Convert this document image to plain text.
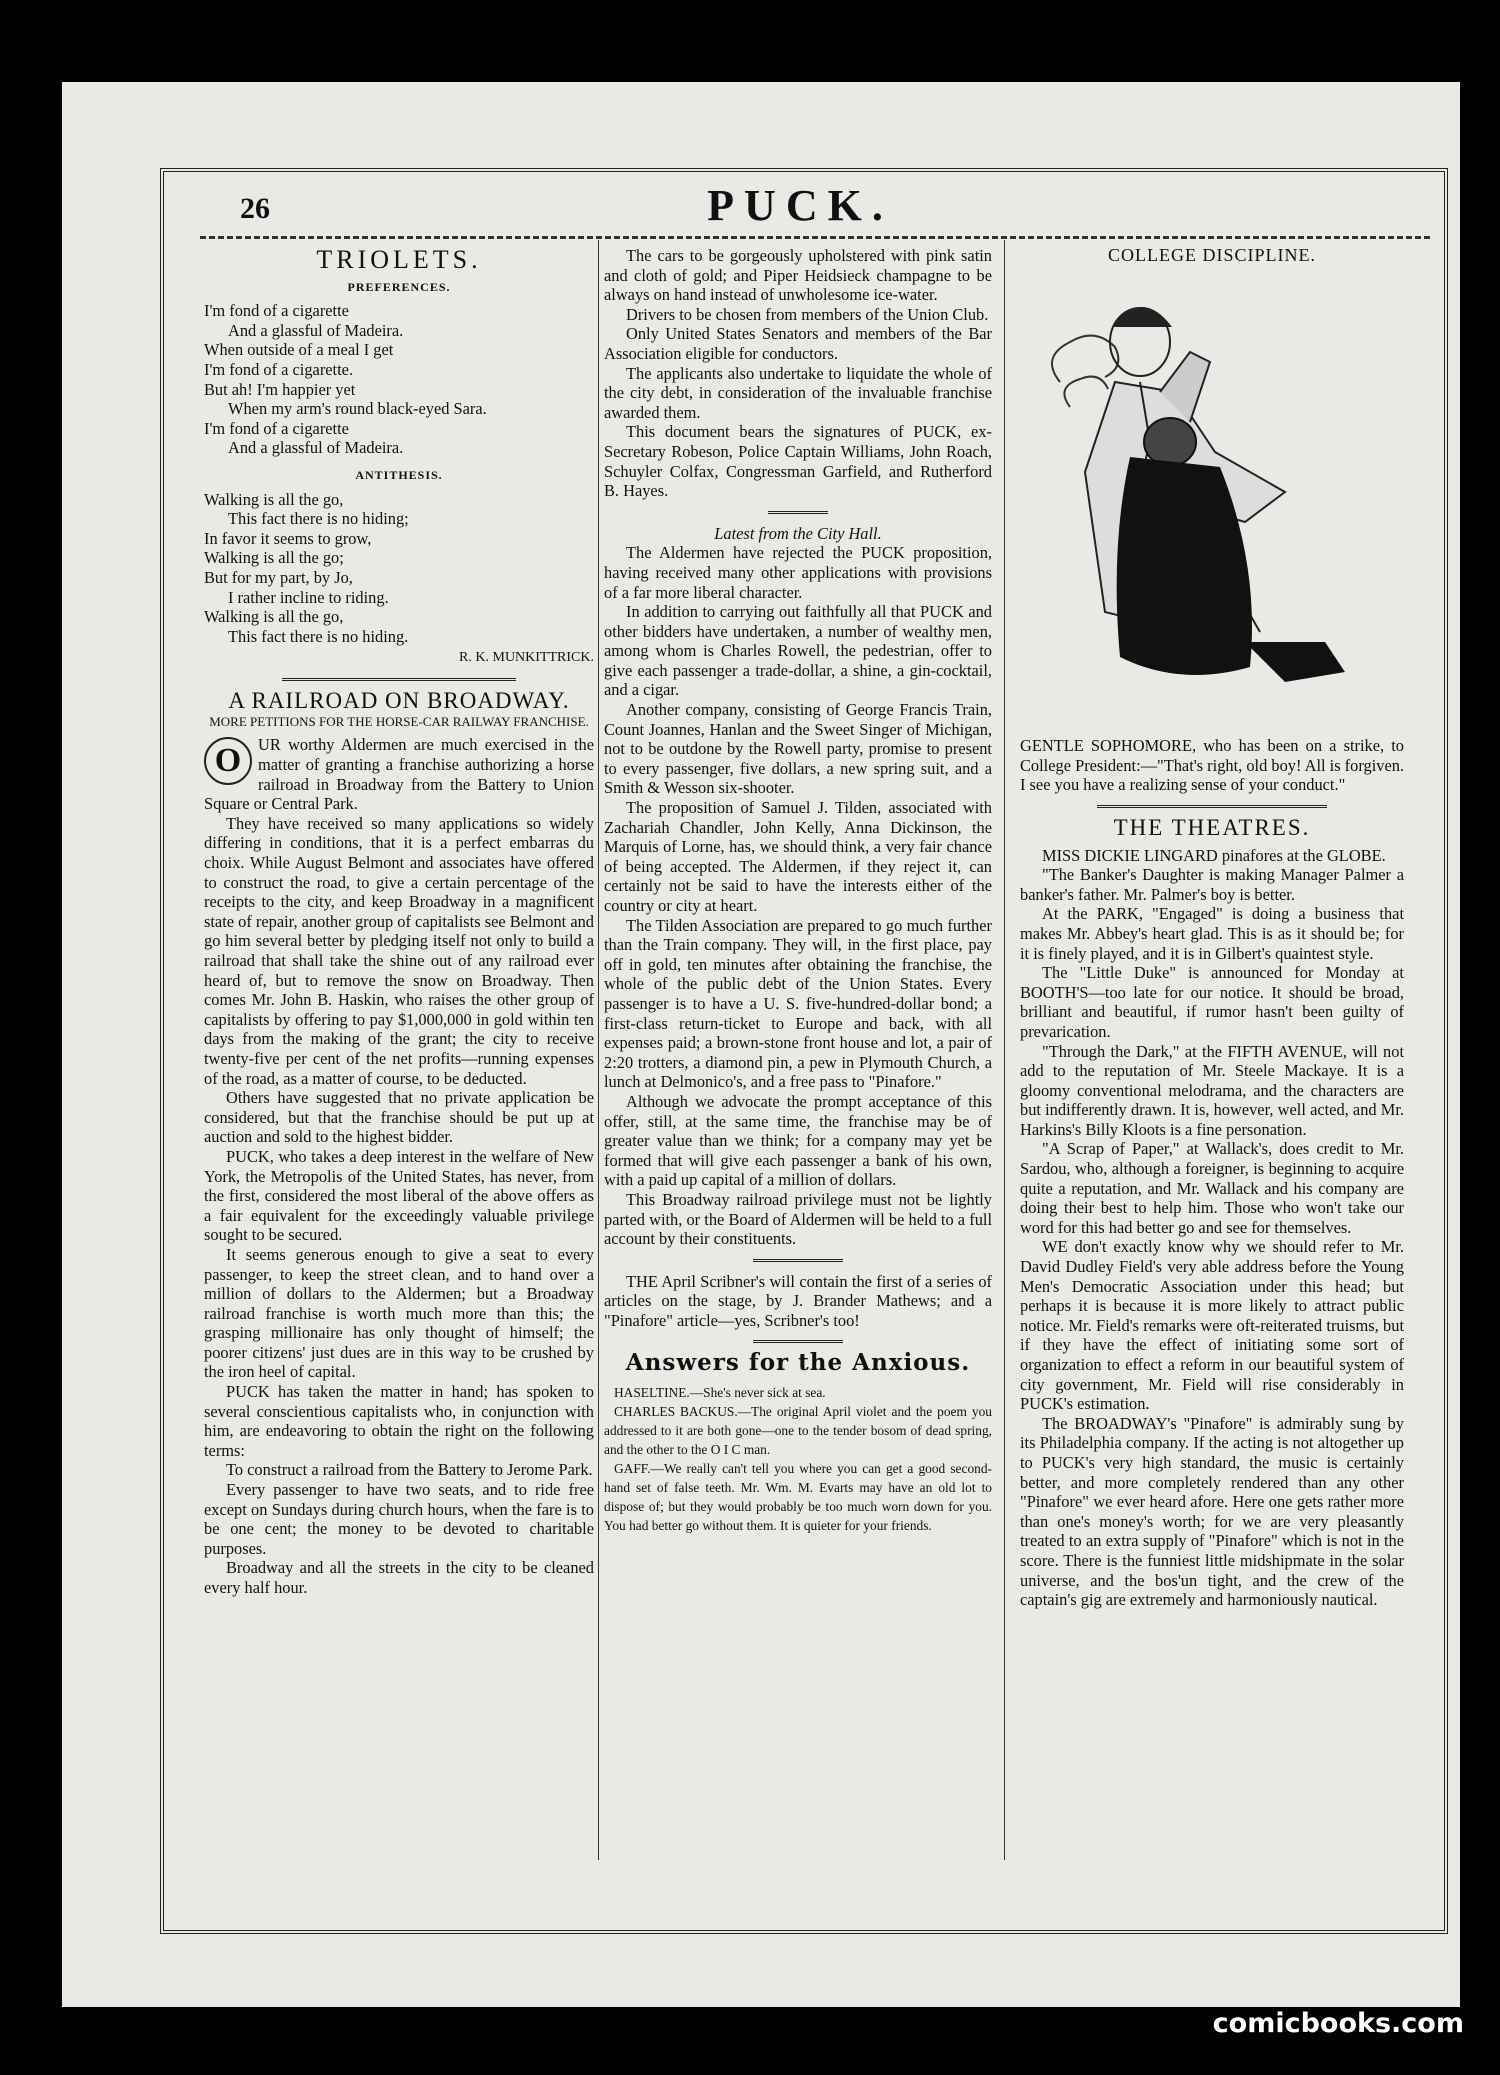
26	PUCK.
TRIOLETS.
PREFERENCES.
I'm fond of a cigarette
And a glassful of Madeira.
When outside of a meal I get
I'm fond of a cigarette.
But ah! I'm happier yet
When my arm's round black-eyed Sara.
I'm fond of a cigarette
And a glassful of Madeira.
ANTITHESIS.
Walking is all the go,
This fact there is no hiding;
In favor it seems to grow,
Walking is all the go;
But for my part, by Jo,
I rather incline to riding.
Walking is all the go,
This fact there is no hiding.
R. K. MUNKITTRICK.
A RAILROAD ON BROADWAY.
MORE PETITIONS FOR THE HORSE-CAR RAILWAY FRANCHISE.
O	UR worthy Aldermen are much exercised in the matter of granting a franchise authorizing a horse railroad in Broadway from the Battery to Union Square or Central Park.

They have received so many applications so widely differing in conditions, that it is a perfect embarras du choix. While August Belmont and associates have offered to construct the road, to give a certain percentage of the receipts to the city, and keep Broadway in a magnificent state of repair, another group of capitalists see Belmont and go him several better by pledging itself not only to build a railroad that shall take the shine out of any railroad ever heard of, but to remove the snow on Broadway. Then comes Mr. John B. Haskin, who raises the other group of capitalists by offering to pay $1,000,000 in gold within ten days from the making of the grant; the city to receive twenty-five per cent of the net profits—running expenses of the road, as a matter of course, to be deducted.

Others have suggested that no private application be considered, but that the franchise should be put up at auction and sold to the highest bidder.

PUCK, who takes a deep interest in the welfare of New York, the Metropolis of the United States, has never, from the first, considered the most liberal of the above offers as a fair equivalent for the exceedingly valuable privilege sought to be secured.

It seems generous enough to give a seat to every passenger, to keep the street clean, and to hand over a million of dollars to the Aldermen; but a Broadway railroad franchise is worth much more than this; the grasping millionaire has only thought of himself; the poorer citizens' just dues are in this way to be crushed by the iron heel of capital.

PUCK has taken the matter in hand; has spoken to several conscientious capitalists who, in conjunction with him, are endeavoring to obtain the right on the following terms:

To construct a railroad from the Battery to Jerome Park.

Every passenger to have two seats, and to ride free except on Sundays during church hours, when the fare is to be one cent; the money to be devoted to charitable purposes.

Broadway and all the streets in the city to be cleaned every half hour.

The cars to be gorgeously upholstered with pink satin and cloth of gold; and Piper Heidsieck champagne to be always on hand instead of unwholesome ice-water.

Drivers to be chosen from members of the Union Club.

Only United States Senators and members of the Bar Association eligible for conductors.

The applicants also undertake to liquidate the whole of the city debt, in consideration of the invaluable franchise awarded them.

This document bears the signatures of PUCK, ex-Secretary Robeson, Police Captain Williams, John Roach, Schuyler Colfax, Congressman Garfield, and Rutherford B. Hayes.

Latest from the City Hall.

The Aldermen have rejected the PUCK proposition, having received many other applications with provisions of a far more liberal character.

In addition to carrying out faithfully all that PUCK and other bidders have undertaken, a number of wealthy men, among whom is Charles Rowell, the pedestrian, offer to give each passenger a trade-dollar, a shine, a gin-cocktail, and a cigar.

Another company, consisting of George Francis Train, Count Joannes, Hanlan and the Sweet Singer of Michigan, not to be outdone by the Rowell party, promise to present to every passenger, five dollars, a new spring suit, and a Smith & Wesson six-shooter.

The proposition of Samuel J. Tilden, associated with Zachariah Chandler, John Kelly, Anna Dickinson, the Marquis of Lorne, has, we should think, a very fair chance of being accepted. The Aldermen, if they reject it, can certainly not be said to have the interests either of the country or city at heart.

The Tilden Association are prepared to go much further than the Train company. They will, in the first place, pay off in gold, ten minutes after obtaining the franchise, the whole of the public debt of the Union States. Every passenger is to have a U. S. five-hundred-dollar bond; a first-class return-ticket to Europe and back, with all expenses paid; a brown-stone front house and lot, a pair of 2:20 trotters, a diamond pin, a pew in Plymouth Church, a lunch at Delmonico's, and a free pass to "Pinafore."

Although we advocate the prompt acceptance of this offer, still, at the same time, the franchise may be of greater value than we think; for a company may yet be formed that will give each passenger a bank of his own, with a paid up capital of a million of dollars.

This Broadway railroad privilege must not be lightly parted with, or the Board of Aldermen will be held to a full account by their constituents.

THE April Scribner's will contain the first of a series of articles on the stage, by J. Brander Mathews; and a "Pinafore" article—yes, Scribner's too!

Answers for the Anxious.

HASELTINE.—She's never sick at sea.

CHARLES BACKUS.—The original April violet and the poem you addressed to it are both gone—one to the tender bosom of dead spring, and the other to the O I C man.

GAFF.—We really can't tell you where you can get a good second-hand set of false teeth. Mr. Wm. M. Evarts may have an old lot to dispose of; but they would probably be too much worn down for you. You had better go without them. It is quieter for your friends.

COLLEGE DISCIPLINE.

GENTLE SOPHOMORE, who has been on a strike, to College President:—"That's right, old boy! All is forgiven. I see you have a realizing sense of your conduct."

THE THEATRES.

MISS DICKIE LINGARD pinafores at the GLOBE.

"The Banker's Daughter is making Manager Palmer a banker's father. Mr. Palmer's boy is better.

At the PARK, "Engaged" is doing a business that makes Mr. Abbey's heart glad. This is as it should be; for it is finely played, and it is in Gilbert's quaintest style.

The "Little Duke" is announced for Monday at BOOTH'S—too late for our notice. It should be broad, brilliant and beautiful, if rumor hasn't been guilty of prevarication.

"Through the Dark," at the FIFTH AVENUE, will not add to the reputation of Mr. Steele Mackaye. It is a gloomy conventional melodrama, and the characters are but indifferently drawn. It is, however, well acted, and Mr. Harkins's Billy Kloots is a fine personation.

"A Scrap of Paper," at Wallack's, does credit to Mr. Sardou, who, although a foreigner, is beginning to acquire quite a reputation, and Mr. Wallack and his company are doing their best to help him. Those who won't take our word for this had better go and see for themselves.

WE don't exactly know why we should refer to Mr. David Dudley Field's very able address before the Young Men's Democratic Association under this head; but perhaps it is because it is more likely to attract public notice. Mr. Field's remarks were oft-reiterated truisms, but if they have the effect of initiating some sort of organization to effect a reform in our beautiful system of city government, Mr. Field will rise considerably in PUCK's estimation.

The BROADWAY's "Pinafore" is admirably sung by its Philadelphia company. If the acting is not altogether up to PUCK's very high standard, the music is certainly better, and more completely rendered than any other "Pinafore" we ever heard afore. Here one gets rather more than one's money's worth; for we are very pleasantly treated to an extra supply of "Pinafore" which is not in the score. There is the funniest little midshipmate in the solar universe, and the bos'un tight, and the crew of the captain's gig are extremely and harmoniously nautical.

comicbooks.com
